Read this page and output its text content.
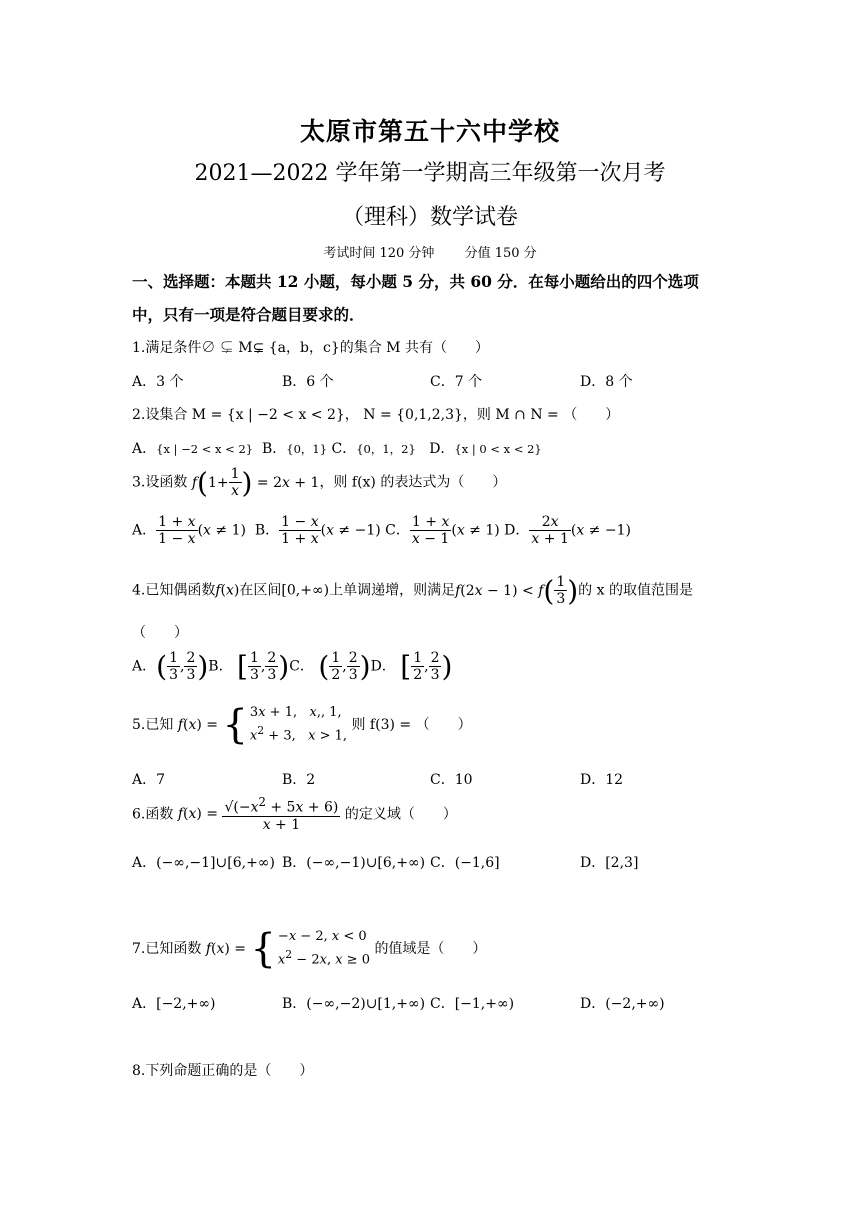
太原市第五十六中学校
2021—2022 学年第一学期高三年级第一次月考
（理科）数学试卷
考试时间 120 分钟 分值 150 分
一、选择题：本题共 12 小题，每小题 5 分，共 60 分．在每小题给出的四个选项
中，只有一项是符合题目要求的．
1.满足条件∅ ⊊ M⊊ {a，b，c}的集合 M 共有（　　）
A．3 个	B．6 个	C．7 个	D．8 个
2.设集合 M = {x | −2 < x < 2}， N = {0,1,2,3}，则 M ∩ N = （　　）
A．{x | −2 < x < 2} B．{0，1} C．{0，1，2} D．{x | 0 < x < 2}
3.设函数 $f(1+ \frac{1}{x}$ ) = 2x + 1，则 f(x) 的表达式为（　　）
A． $\frac{1 + x}{1 - x} (x \ne 1)$  B． $\frac{1 - x}{1 + x} (x \ne -1)$ C． $\frac{1 + x}{x - 1} (x \ne 1)$ D． $\frac{2x}{x + 1} (x \ne -1)$
4.已知偶函数f(x)在区间[0,+∞)上单调递增，则满足$f(2x - 1) < f( \frac{1}{3}$ )的 x 的取值范围是
（　　）
A．( $\frac{1}{3}$ , $\frac{2}{3} )B$． [ $\frac{1}{3}$ , $\frac{2}{3} )C$． ( $\frac{1}{2}$ , $\frac{2}{3} )D$． [ $\frac{1}{2}$ , $\frac{2}{3}$ )
5.已知 f(x) = { 3x + 1,   x,, 1,
$x^2 + 3$,   x > 1,
则 f(3) = （　　）
A．7	B．2	C．10	D．12
6.函数 $f(x) = \frac{√(-x^2 + 5x + 6)}{x + 1}$ 的定义域（　　）
A．(−∞,−1]∪[6,+∞) B．(−∞,−1)∪[6,+∞) C．(−1,6]	D．[2,3]
7.已知函数 f(x) = { −x − 2, x < 0
$x^2 - 2x$, x ≥ 0
的值域是（　　）
A．[−2,+∞)	B．(−∞,−2)∪[1,+∞) C．[−1,+∞)	D．(−2,+∞)
8.下列命题正确的是（　　）
